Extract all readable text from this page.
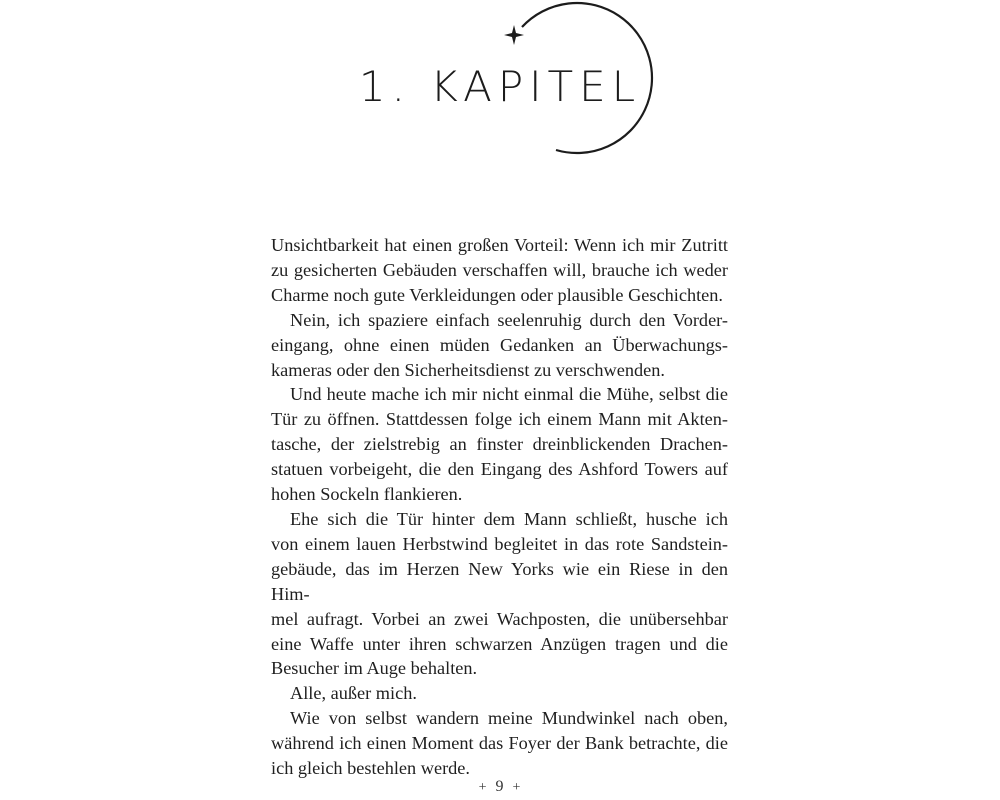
1. KAPITEL

Unsichtbarkeit hat einen großen Vorteil: Wenn ich mir Zutritt

zu gesicherten Gebäuden verschaffen will, brauche ich weder

Charme noch gute Verkleidungen oder plausible Geschichten.

Nein, ich spaziere einfach seelenruhig durch den Vorder-

eingang, ohne einen müden Gedanken an Überwachungs-

kameras oder den Sicherheitsdienst zu verschwenden.

Und heute mache ich mir nicht einmal die Mühe, selbst die

Tür zu öffnen. Stattdessen folge ich einem Mann mit Akten-

tasche, der zielstrebig an finster dreinblickenden Drachen-

statuen vorbeigeht, die den Eingang des Ashford Towers auf

hohen Sockeln flankieren.

Ehe sich die Tür hinter dem Mann schließt, husche ich

von einem lauen Herbstwind begleitet in das rote Sandstein-

gebäude, das im Herzen New Yorks wie ein Riese in den Him-

mel aufragt. Vorbei an zwei Wachposten, die unübersehbar

eine Waffe unter ihren schwarzen Anzügen tragen und die

Besucher im Auge behalten.

Alle, außer mich.

Wie von selbst wandern meine Mundwinkel nach oben,

während ich einen Moment das Foyer der Bank betrachte, die

ich gleich bestehlen werde.

+ 9 +
